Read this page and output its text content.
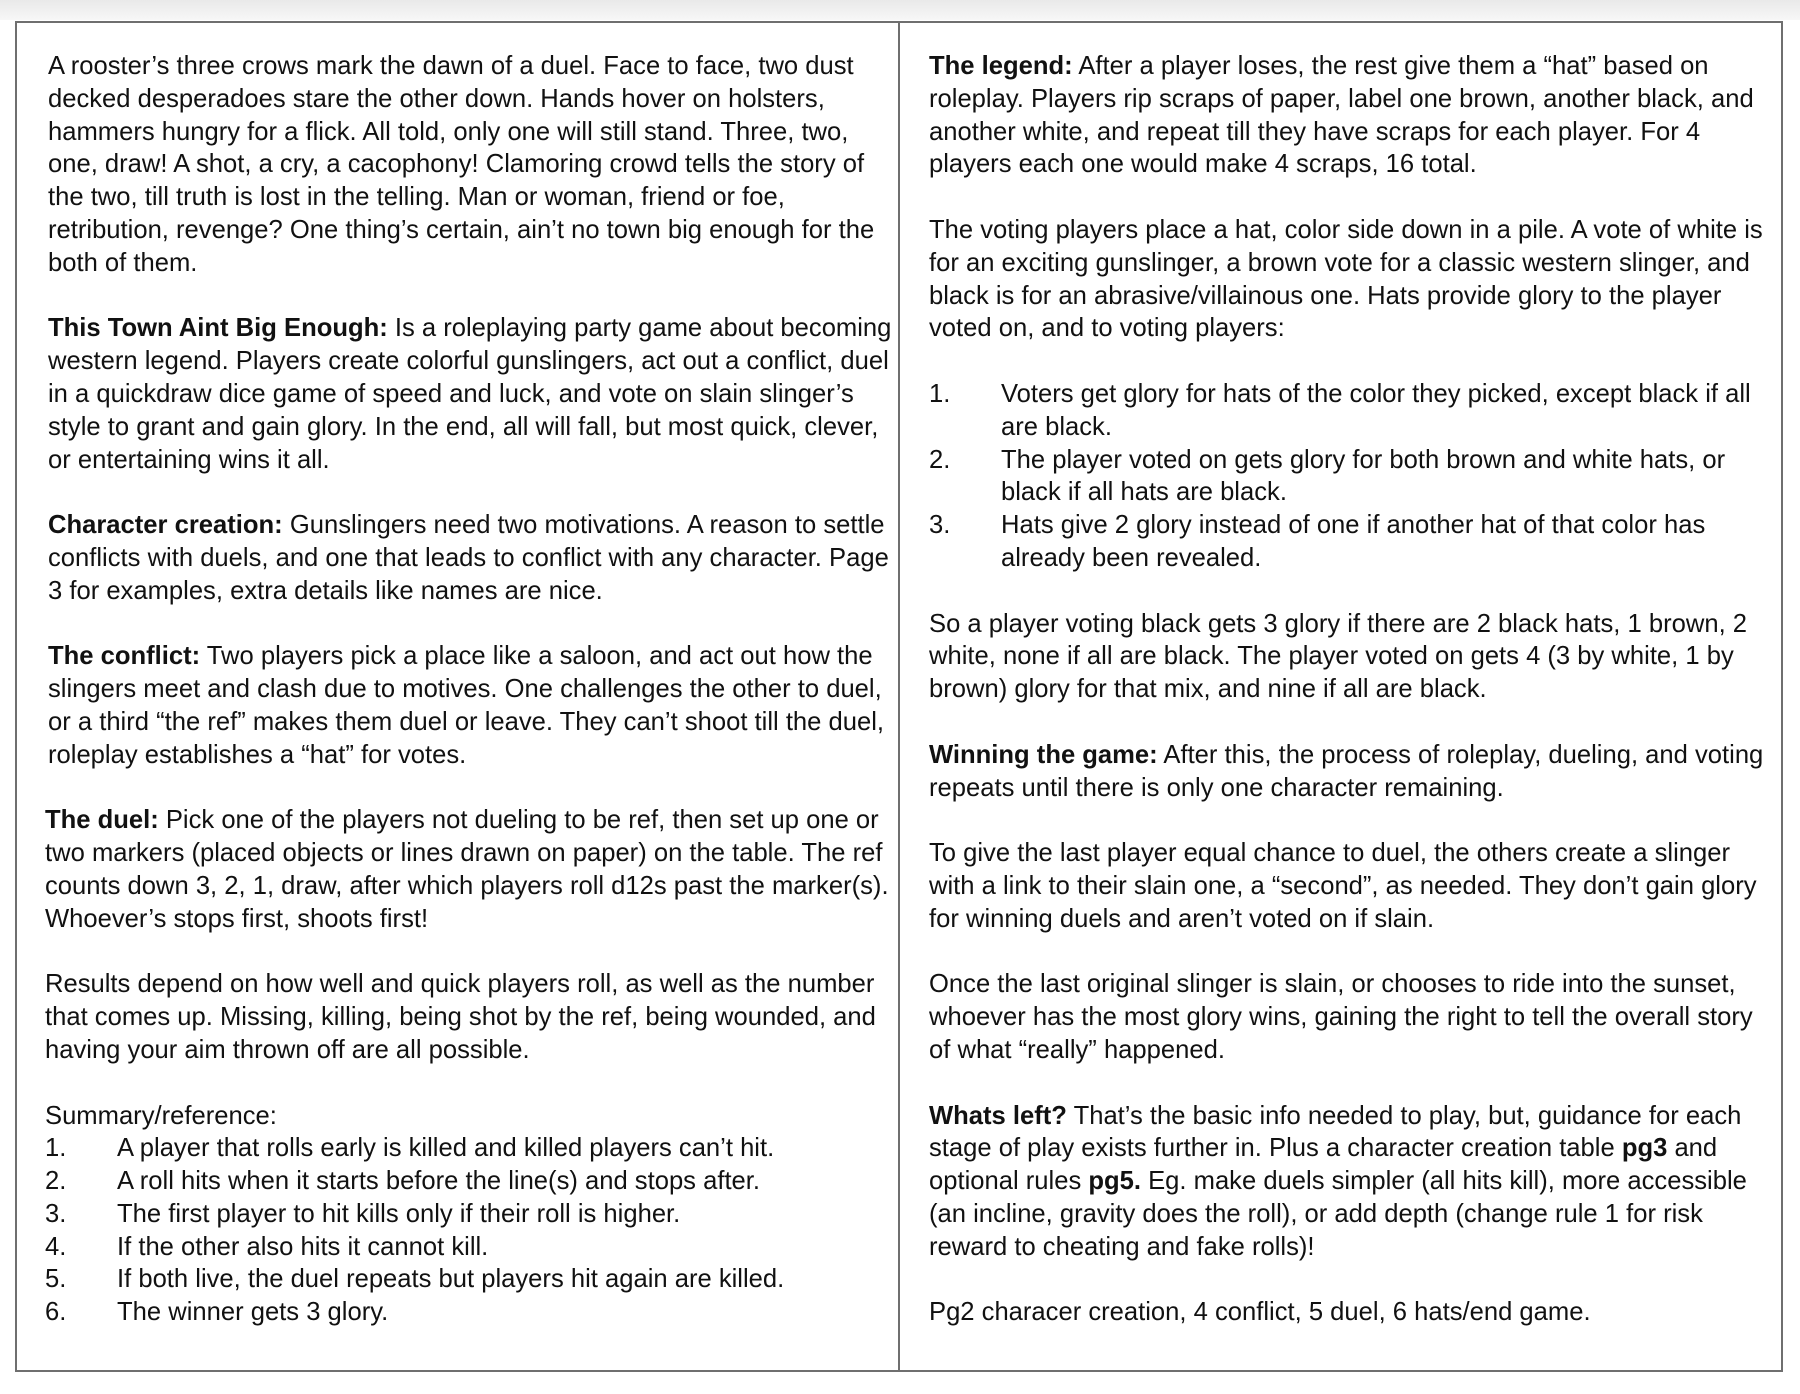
A rooster’s three crows mark the dawn of a duel. Face to face, two dust decked desperadoes stare the other down. Hands hover on holsters, hammers hungry for a flick. All told, only one will still stand. Three, two, one, draw! A shot, a cry, a cacophony! Clamoring crowd tells the story of the two, till truth is lost in the telling. Man or woman, friend or foe, retribution, revenge? One thing’s certain, ain’t no town big enough for the both of them.

This Town Aint Big Enough: Is a roleplaying party game about becoming western legend. Players create colorful gunslingers, act out a conflict, duel in a quickdraw dice game of speed and luck, and vote on slain slinger’s style to grant and gain glory. In the end, all will fall, but most quick, clever, or entertaining wins it all.

Character creation: Gunslingers need two motivations. A reason to settle conflicts with duels, and one that leads to conflict with any character. Page 3 for examples, extra details like names are nice.

The conflict: Two players pick a place like a saloon, and act out how the slingers meet and clash due to motives. One challenges the other to duel, or a third “the ref” makes them duel or leave. They can’t shoot till the duel, roleplay establishes a “hat” for votes.

The duel: Pick one of the players not dueling to be ref, then set up one or two markers (placed objects or lines drawn on paper) on the table. The ref counts down 3, 2, 1, draw, after which players roll d12s past the marker(s). Whoever’s stops first, shoots first!

Results depend on how well and quick players roll, as well as the number that comes up. Missing, killing, being shot by the ref, being wounded, and having your aim thrown off are all possible.

Summary/reference:
1.	A player that rolls early is killed and killed players can’t hit.
2.	A roll hits when it starts before the line(s) and stops after.
3.	The first player to hit kills only if their roll is higher.
4.	If the other also hits it cannot kill.
5.	If both live, the duel repeats but players hit again are killed.
6.	The winner gets 3 glory.

The legend: After a player loses, the rest give them a “hat” based on roleplay. Players rip scraps of paper, label one brown, another black, and another white, and repeat till they have scraps for each player. For 4 players each one would make 4 scraps, 16 total.

The voting players place a hat, color side down in a pile. A vote of white is for an exciting gunslinger, a brown vote for a classic western slinger, and black is for an abrasive/villainous one. Hats provide glory to the player voted on, and to voting players:

1.	Voters get glory for hats of the color they picked, except black if all are black.
2.	The player voted on gets glory for both brown and white hats, or black if all hats are black.
3.	Hats give 2 glory instead of one if another hat of that color has already been revealed.

So a player voting black gets 3 glory if there are 2 black hats, 1 brown, 2 white, none if all are black. The player voted on gets 4 (3 by white, 1 by brown) glory for that mix, and nine if all are black.

Winning the game: After this, the process of roleplay, dueling, and voting repeats until there is only one character remaining.

To give the last player equal chance to duel, the others create a slinger with a link to their slain one, a “second”, as needed. They don’t gain glory for winning duels and aren’t voted on if slain.

Once the last original slinger is slain, or chooses to ride into the sunset, whoever has the most glory wins, gaining the right to tell the overall story of what “really” happened.

Whats left? That’s the basic info needed to play, but, guidance for each stage of play exists further in. Plus a character creation table pg3 and optional rules pg5. Eg. make duels simpler (all hits kill), more accessible (an incline, gravity does the roll), or add depth (change rule 1 for risk reward to cheating and fake rolls)!

Pg2 characer creation, 4 conflict, 5 duel, 6 hats/end game.
